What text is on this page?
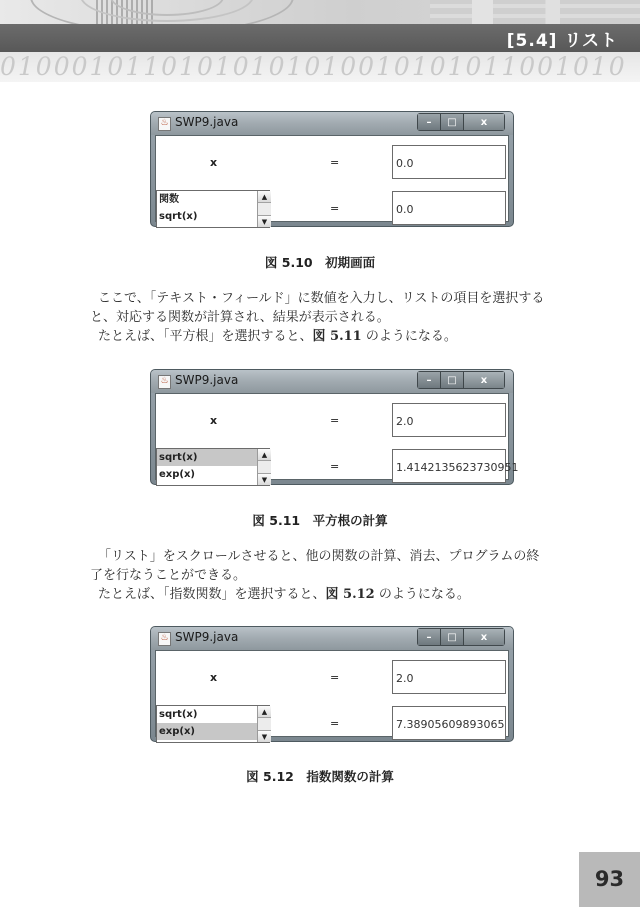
[5.4] リスト
01000101101010101010010101011001010
♨ SWP9.java	–	□	x
x	=	0.0
関数
sqrt(x)
▲
▼
=	0.0
図 5.10　初期画面
ここで、「テキスト・フィールド」に数値を入力し、リストの項目を選択する
と、対応する関数が計算され、結果が表示される。
たとえば、「平方根」を選択すると、図 5.11 のようになる。
♨ SWP9.java	–	□	x
x	=	2.0
sqrt(x)
exp(x)
▲
▼
=	1.4142135623730951
図 5.11　平方根の計算
「リスト」をスクロールさせると、他の関数の計算、消去、プログラムの終
了を行なうことができる。
たとえば、「指数関数」を選択すると、図 5.12 のようになる。
♨ SWP9.java	–	□	x
x	=	2.0
sqrt(x)
exp(x)
▲
▼
=	7.38905609893065
図 5.12　指数関数の計算
93
